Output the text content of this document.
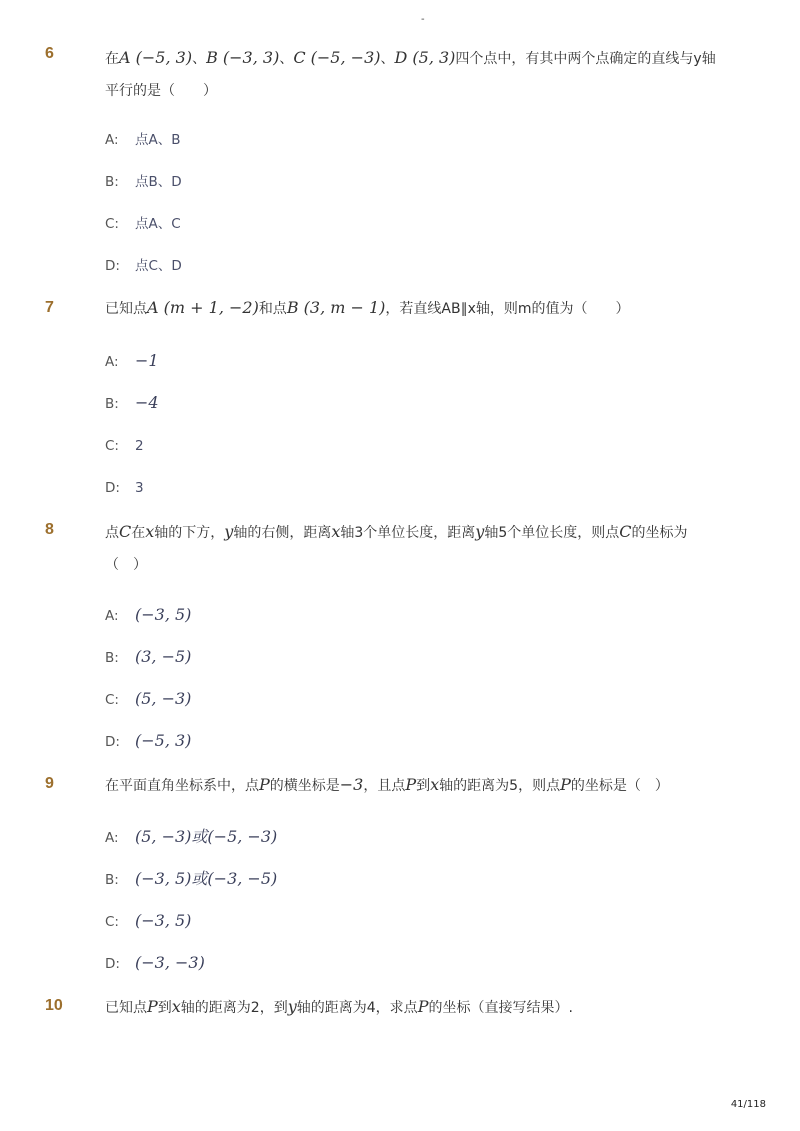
-
6	在A (−5, 3)、B (−3, 3)、C (−5, −3)、D (5, 3)四个点中，有其中两个点确定的直线与y轴平行的是（　　）
A: 点A、B
B: 点B、D
C: 点A、C
D: 点C、D
7	已知点A (m + 1, −2)和点B (3, m − 1)，若直线AB∥x轴，则m的值为（　　）
A: −1
B: −4
C: 2
D: 3
8	点C在x轴的下方，y轴的右侧，距离x轴3个单位长度，距离y轴5个单位长度，则点C的坐标为（　）
A: (−3, 5)
B: (3, −5)
C: (5, −3)
D: (−5, 3)
9	在平面直角坐标系中，点P的横坐标是−3，且点P到x轴的距离为5，则点P的坐标是（　）
A: (5, −3)或(−5, −3)
B: (−3, 5)或(−3, −5)
C: (−3, 5)
D: (−3, −3)
10	已知点P到x轴的距离为2，到y轴的距离为4，求点P的坐标（直接写结果）.
41/118
